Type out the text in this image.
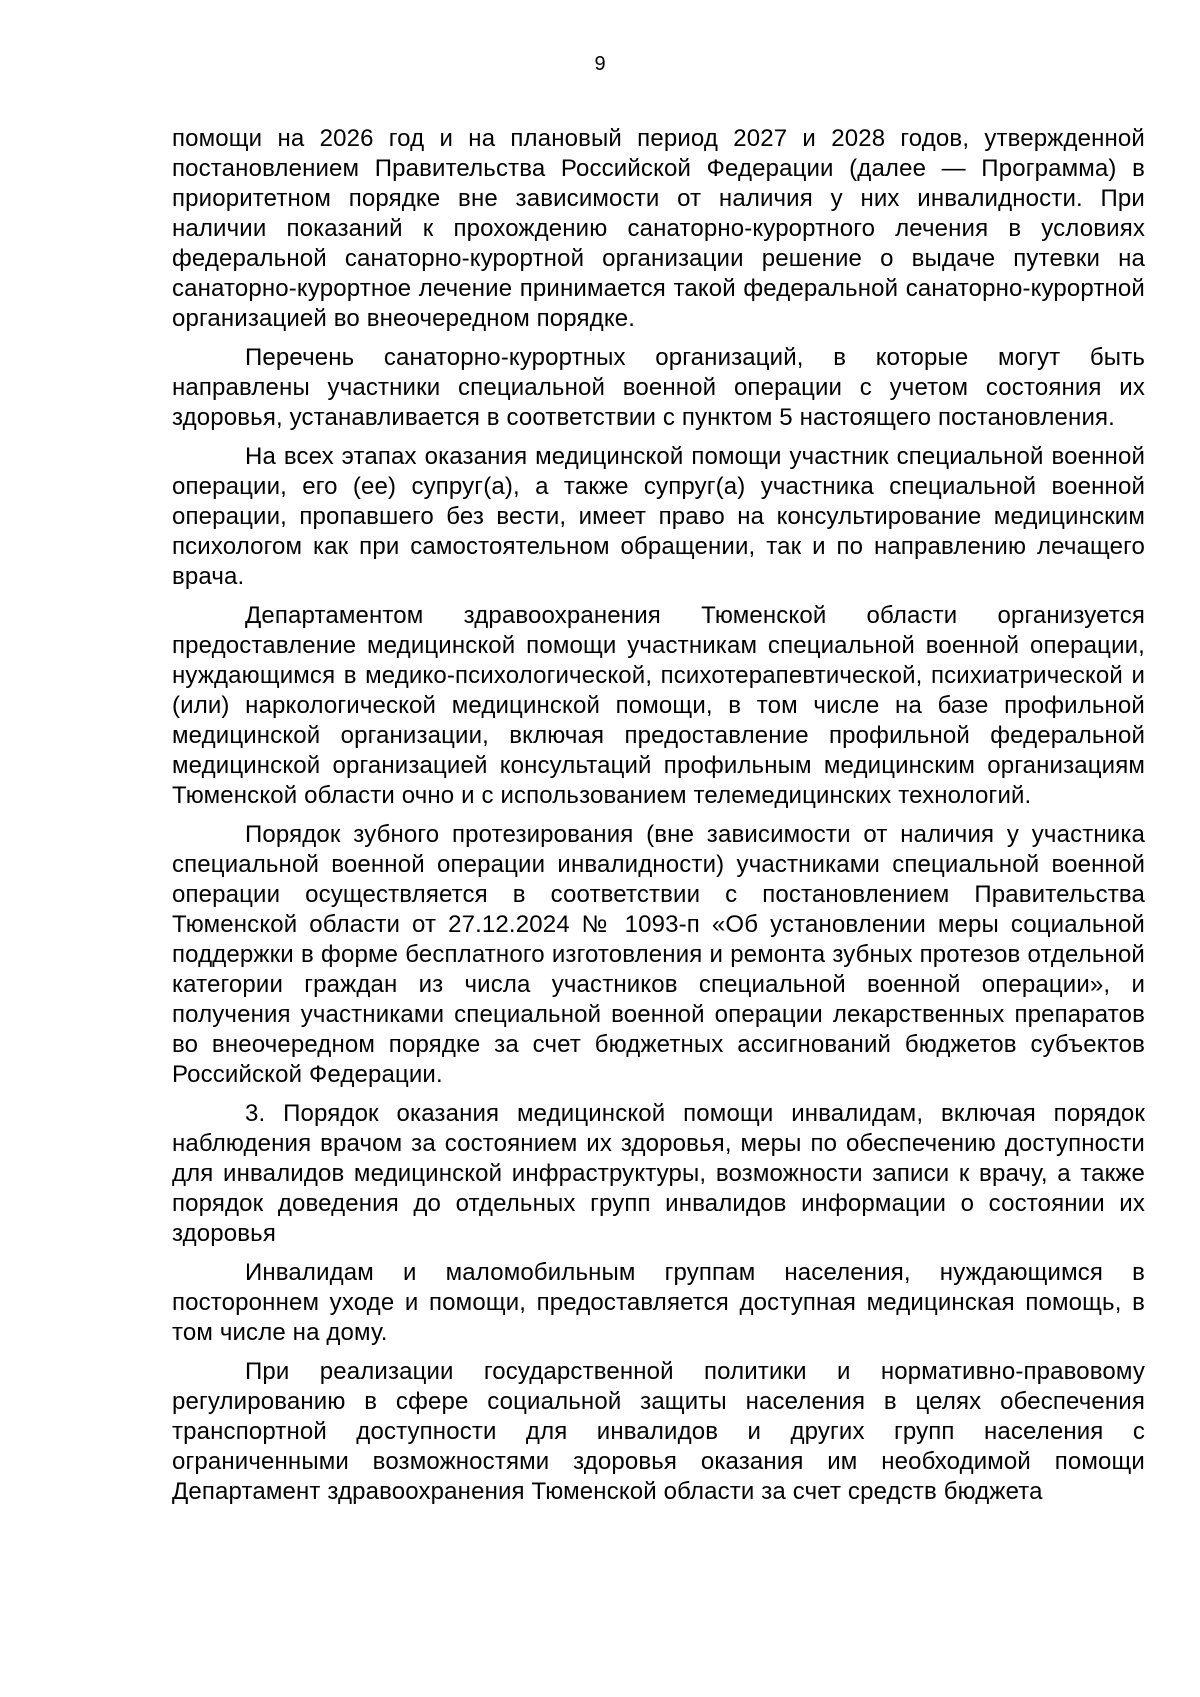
9

помощи на 2026 год и на плановый период 2027 и 2028 годов, утвержденной постановлением Правительства Российской Федерации (далее — Программа) в приоритетном порядке вне зависимости от наличия у них инвалидности. При наличии показаний к прохождению санаторно-курортного лечения в условиях федеральной санаторно-курортной организации решение о выдаче путевки на санаторно-курортное лечение принимается такой федеральной санаторно-курортной организацией во внеочередном порядке.

Перечень санаторно-курортных организаций, в которые могут быть направлены участники специальной военной операции с учетом состояния их здоровья, устанавливается в соответствии с пунктом 5 настоящего постановления.

На всех этапах оказания медицинской помощи участник специальной военной операции, его (ее) супруг(а), а также супруг(а) участника специальной военной операции, пропавшего без вести, имеет право на консультирование медицинским психологом как при самостоятельном обращении, так и по направлению лечащего врача.

Департаментом здравоохранения Тюменской области организуется предоставление медицинской помощи участникам специальной военной операции, нуждающимся в медико-психологической, психотерапевтической, психиатрической и (или) наркологической медицинской помощи, в том числе на базе профильной медицинской организации, включая предоставление профильной федеральной медицинской организацией консультаций профильным медицинским организациям Тюменской области очно и с использованием телемедицинских технологий.

Порядок зубного протезирования (вне зависимости от наличия у участника специальной военной операции инвалидности) участниками специальной военной операции осуществляется в соответствии с постановлением Правительства Тюменской области от 27.12.2024 № 1093-п «Об установлении меры социальной поддержки в форме бесплатного изготовления и ремонта зубных протезов отдельной категории граждан из числа участников специальной военной операции», и получения участниками специальной военной операции лекарственных препаратов во внеочередном порядке за счет бюджетных ассигнований бюджетов субъектов Российской Федерации.

3. Порядок оказания медицинской помощи инвалидам, включая порядок наблюдения врачом за состоянием их здоровья, меры по обеспечению доступности для инвалидов медицинской инфраструктуры, возможности записи к врачу, а также порядок доведения до отдельных групп инвалидов информации о состоянии их здоровья

Инвалидам и маломобильным группам населения, нуждающимся в постороннем уходе и помощи, предоставляется доступная медицинская помощь, в том числе на дому.

При реализации государственной политики и нормативно-правовому регулированию в сфере социальной защиты населения в целях обеспечения транспортной доступности для инвалидов и других групп населения с ограниченными возможностями здоровья оказания им необходимой помощи Департамент здравоохранения Тюменской области за счет средств бюджета
